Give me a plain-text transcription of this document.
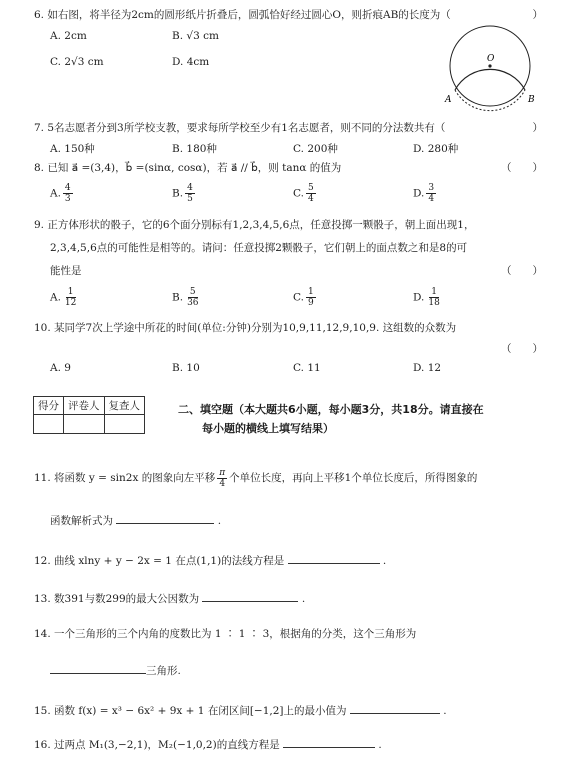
6. 如右图，将半径为2cm的圆形纸片折叠后，圆弧恰好经过圆心O，则折痕AB的长度为（	）
A. 2cm	B. √3 cm
C. 2√3 cm	D. 4cm	O
A	B
7. 5名志愿者分到3所学校支教，要求每所学校至少有1名志愿者，则不同的分法数共有（	）
A. 150种	B. 180种	C. 200种	D. 280种
8. 已知 a⃗ =(3,4)，b⃗ =(sinα, cosα)，若 a⃗ // b⃗，则 tanα 的值为	（　　）
A. $\frac{4}{3}$	B. $\frac{4}{5}$	C. $\frac{5}{4}$	D. $\frac{3}{4}$
9. 正方体形状的骰子，它的6个面分别标有1,2,3,4,5,6点，任意投掷一颗骰子，朝上面出现1，
2,3,4,5,6点的可能性是相等的。请问：任意投掷2颗骰子，它们朝上的面点数之和是8的可
能性是	（　　）
A. $\frac{1}{12}$	B. $\frac{5}{36}$	C. $\frac{1}{9}$	D. $\frac{1}{18}$
10. 某同学7次上学途中所花的时间(单位:分钟)分别为10,9,11,12,9,10,9. 这组数的众数为
（　　）
A. 9	B. 10	C. 11	D. 12
得分	评卷人	复查人
			二、填空题（本大题共6小题，每小题3分，共18分。请直接在
每小题的横线上填写结果）
11. 将函数 y = sin2x 的图象向左平移 $\frac{\pi}{4}$ 个单位长度，再向上平移1个单位长度后，所得图象的
函数解析式为	.
12. 曲线 xlny + y − 2x = 1 在点(1,1)的法线方程是	.
13. 数391与数299的最大公因数为	.
14. 一个三角形的三个内角的度数比为 1 ∶ 1 ∶ 3，根据角的分类，这个三角形为
三角形.
15. 函数 f(x) = x³ − 6x² + 9x + 1 在闭区间[−1,2]上的最小值为	.
16. 过两点 M₁(3,−2,1)，M₂(−1,0,2)的直线方程是	.
